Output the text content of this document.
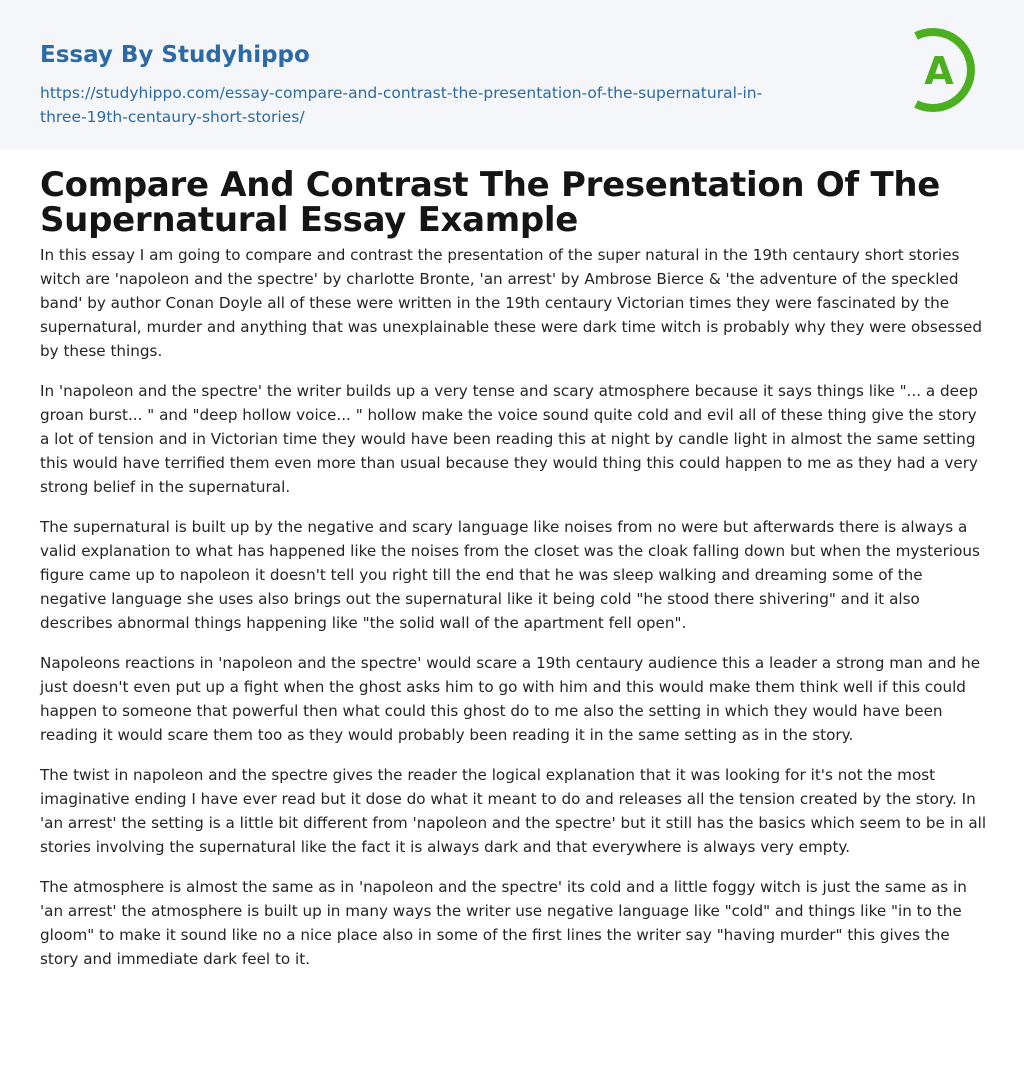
Essay By Studyhippo
https://studyhippo.com/essay-compare-and-contrast-the-presentation-of-the-supernatural-in-
three-19th-centaury-short-stories/
A
Compare And Contrast The Presentation Of The Supernatural Essay Example

In this essay I am going to compare and contrast the presentation of the super natural in the 19th centaury short stories witch are 'napoleon and the spectre' by charlotte Bronte, 'an arrest' by Ambrose Bierce & 'the adventure of the speckled band' by author Conan Doyle all of these were written in the 19th centaury Victorian times they were fascinated by the supernatural, murder and anything that was unexplainable these were dark time witch is probably why they were obsessed by these things.

In 'napoleon and the spectre' the writer builds up a very tense and scary atmosphere because it says things like "... a deep groan burst... " and "deep hollow voice... " hollow make the voice sound quite cold and evil all of these thing give the story a lot of tension and in Victorian time they would have been reading this at night by candle light in almost the same setting this would have terrified them even more than usual because they would thing this could happen to me as they had a very strong belief in the supernatural.

The supernatural is built up by the negative and scary language like noises from no were but afterwards there is always a valid explanation to what has happened like the noises from the closet was the cloak falling down but when the mysterious figure came up to napoleon it doesn't tell you right till the end that he was sleep walking and dreaming some of the negative language she uses also brings out the supernatural like it being cold "he stood there shivering" and it also describes abnormal things happening like "the solid wall of the apartment fell open".

Napoleons reactions in 'napoleon and the spectre' would scare a 19th centaury audience this a leader a strong man and he just doesn't even put up a fight when the ghost asks him to go with him and this would make them think well if this could happen to someone that powerful then what could this ghost do to me also the setting in which they would have been reading it would scare them too as they would probably been reading it in the same setting as in the story.

The twist in napoleon and the spectre gives the reader the logical explanation that it was looking for it's not the most imaginative ending I have ever read but it dose do what it meant to do and releases all the tension created by the story. In 'an arrest' the setting is a little bit different from 'napoleon and the spectre' but it still has the basics which seem to be in all stories involving the supernatural like the fact it is always dark and that everywhere is always very empty.

The atmosphere is almost the same as in 'napoleon and the spectre' its cold and a little foggy witch is just the same as in 'an arrest' the atmosphere is built up in many ways the writer use negative language like "cold" and things like "in to the gloom" to make it sound like no a nice place also in some of the first lines the writer say "having murder" this gives the story and immediate dark feel to it.
